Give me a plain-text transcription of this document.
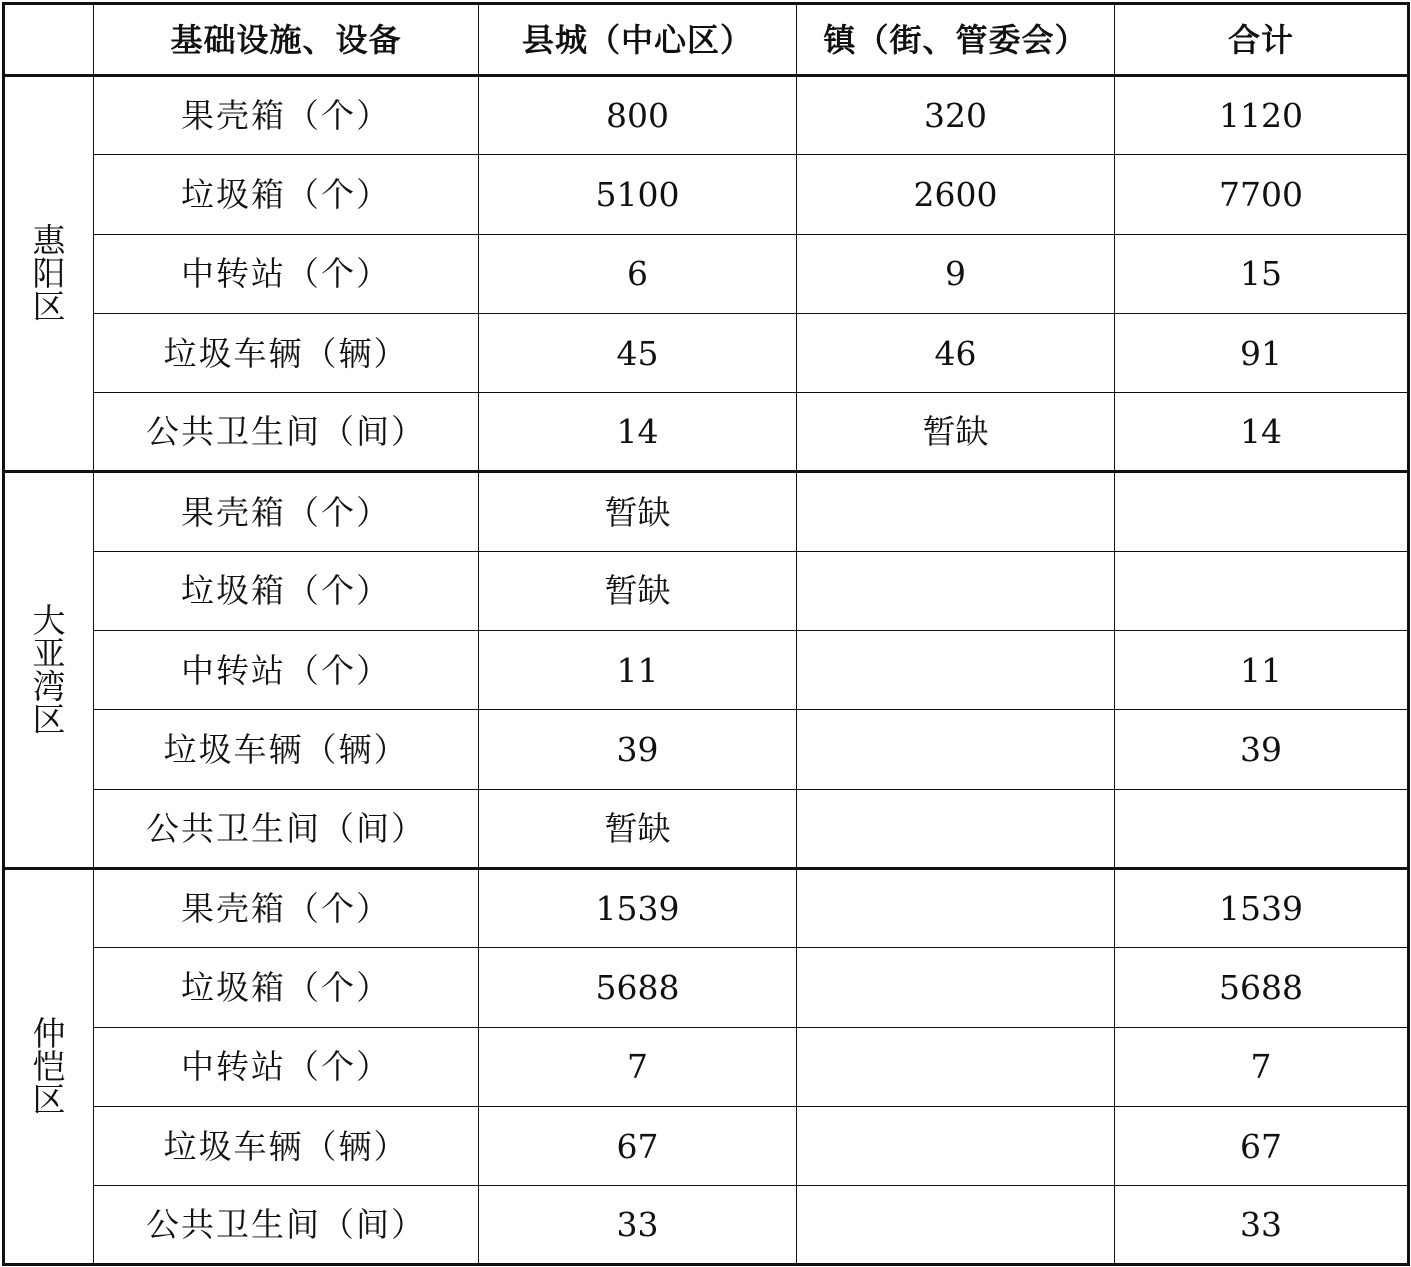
	基础设施、设备	县城（中心区）	镇（街、管委会）	合计
惠阳区	果壳箱（个）	800	320	1120
	垃圾箱（个）	5100	2600	7700
	中转站（个）	6	9	15
	垃圾车辆（辆）	45	46	91
	公共卫生间（间）	14	暂缺	14
大亚湾区	果壳箱（个）	暂缺		
	垃圾箱（个）	暂缺		
	中转站（个）	11		11
	垃圾车辆（辆）	39		39
	公共卫生间（间）	暂缺		
仲恺区	果壳箱（个）	1539		1539
	垃圾箱（个）	5688		5688
	中转站（个）	7		7
	垃圾车辆（辆）	67		67
	公共卫生间（间）	33		33
